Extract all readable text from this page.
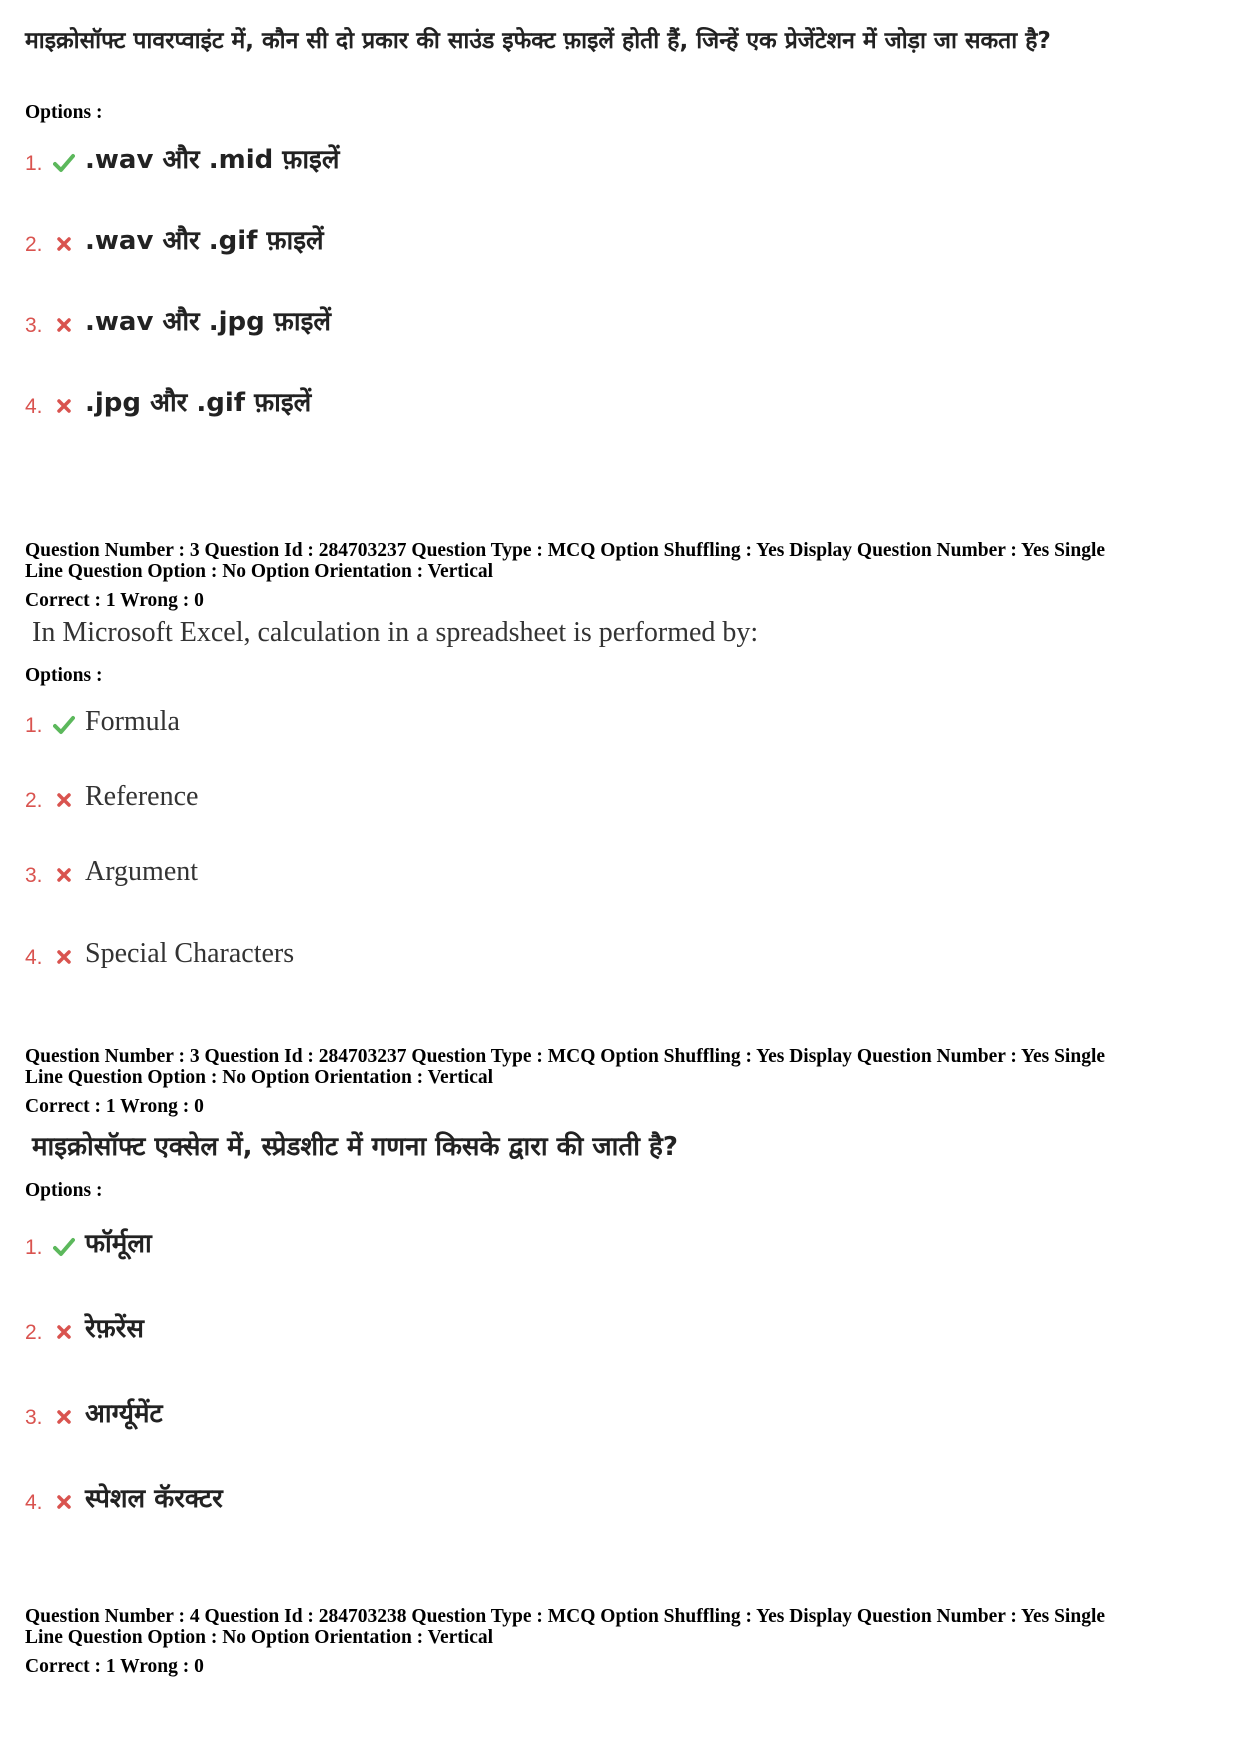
माइक्रोसॉफ्ट पावरप्वाइंट में, कौन सी दो प्रकार की साउंड इफेक्ट फ़ाइलें होती हैं, जिन्हें एक प्रेजेंटेशन में जोड़ा जा सकता है?
Options :
1.	.wav और .mid फ़ाइलें
2.	.wav और .gif फ़ाइलें
3.	.wav और .jpg फ़ाइलें
4.	.jpg और .gif फ़ाइलें
Question Number : 3 Question Id : 284703237 Question Type : MCQ Option Shuffling : Yes Display Question Number : Yes Single
Line Question Option : No Option Orientation : Vertical
Correct : 1 Wrong : 0
In Microsoft Excel, calculation in a spreadsheet is performed by:
Options :
1.	Formula
2.	Reference
3.	Argument
4.	Special Characters
Question Number : 3 Question Id : 284703237 Question Type : MCQ Option Shuffling : Yes Display Question Number : Yes Single
Line Question Option : No Option Orientation : Vertical
Correct : 1 Wrong : 0
माइक्रोसॉफ्ट एक्सेल में, स्प्रेडशीट में गणना किसके द्वारा की जाती है?
Options :
1.	फॉर्मूला
2.	रेफ़रेंस
3.	आर्ग्यूमेंट
4.	स्पेशल कॅरक्टर
Question Number : 4 Question Id : 284703238 Question Type : MCQ Option Shuffling : Yes Display Question Number : Yes Single
Line Question Option : No Option Orientation : Vertical
Correct : 1 Wrong : 0
